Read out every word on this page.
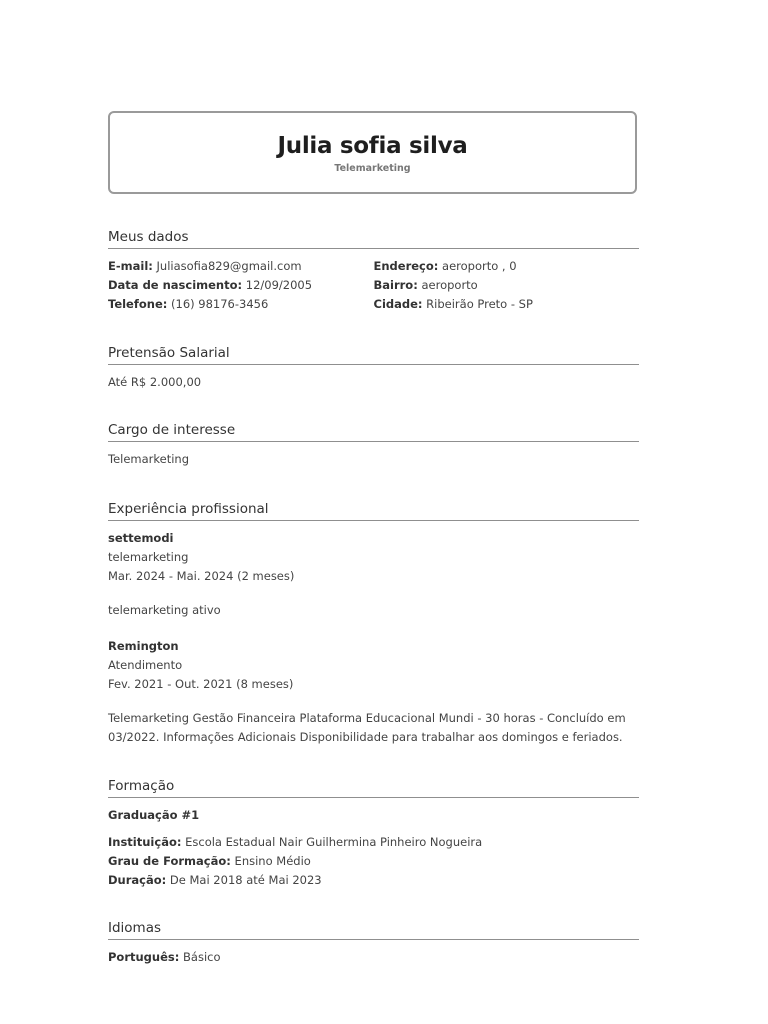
Julia sofia silva
Telemarketing
Meus dados
E-mail: Juliasofia829@gmail.com
Data de nascimento: 12/09/2005
Telefone: (16) 98176-3456
Endereço: aeroporto , 0
Bairro: aeroporto
Cidade: Ribeirão Preto - SP
Pretensão Salarial
Até R$ 2.000,00
Cargo de interesse
Telemarketing
Experiência profissional
settemodi
telemarketing
Mar. 2024 - Mai. 2024 (2 meses)
telemarketing ativo
Remington
Atendimento
Fev. 2021 - Out. 2021 (8 meses)
Telemarketing Gestão Financeira Plataforma Educacional Mundi - 30 horas - Concluído em 03/2022. Informações Adicionais Disponibilidade para trabalhar aos domingos e feriados.
Formação
Graduação #1
Instituição: Escola Estadual Nair Guilhermina Pinheiro Nogueira
Grau de Formação: Ensino Médio
Duração: De Mai 2018 até Mai 2023
Idiomas
Português: Básico
